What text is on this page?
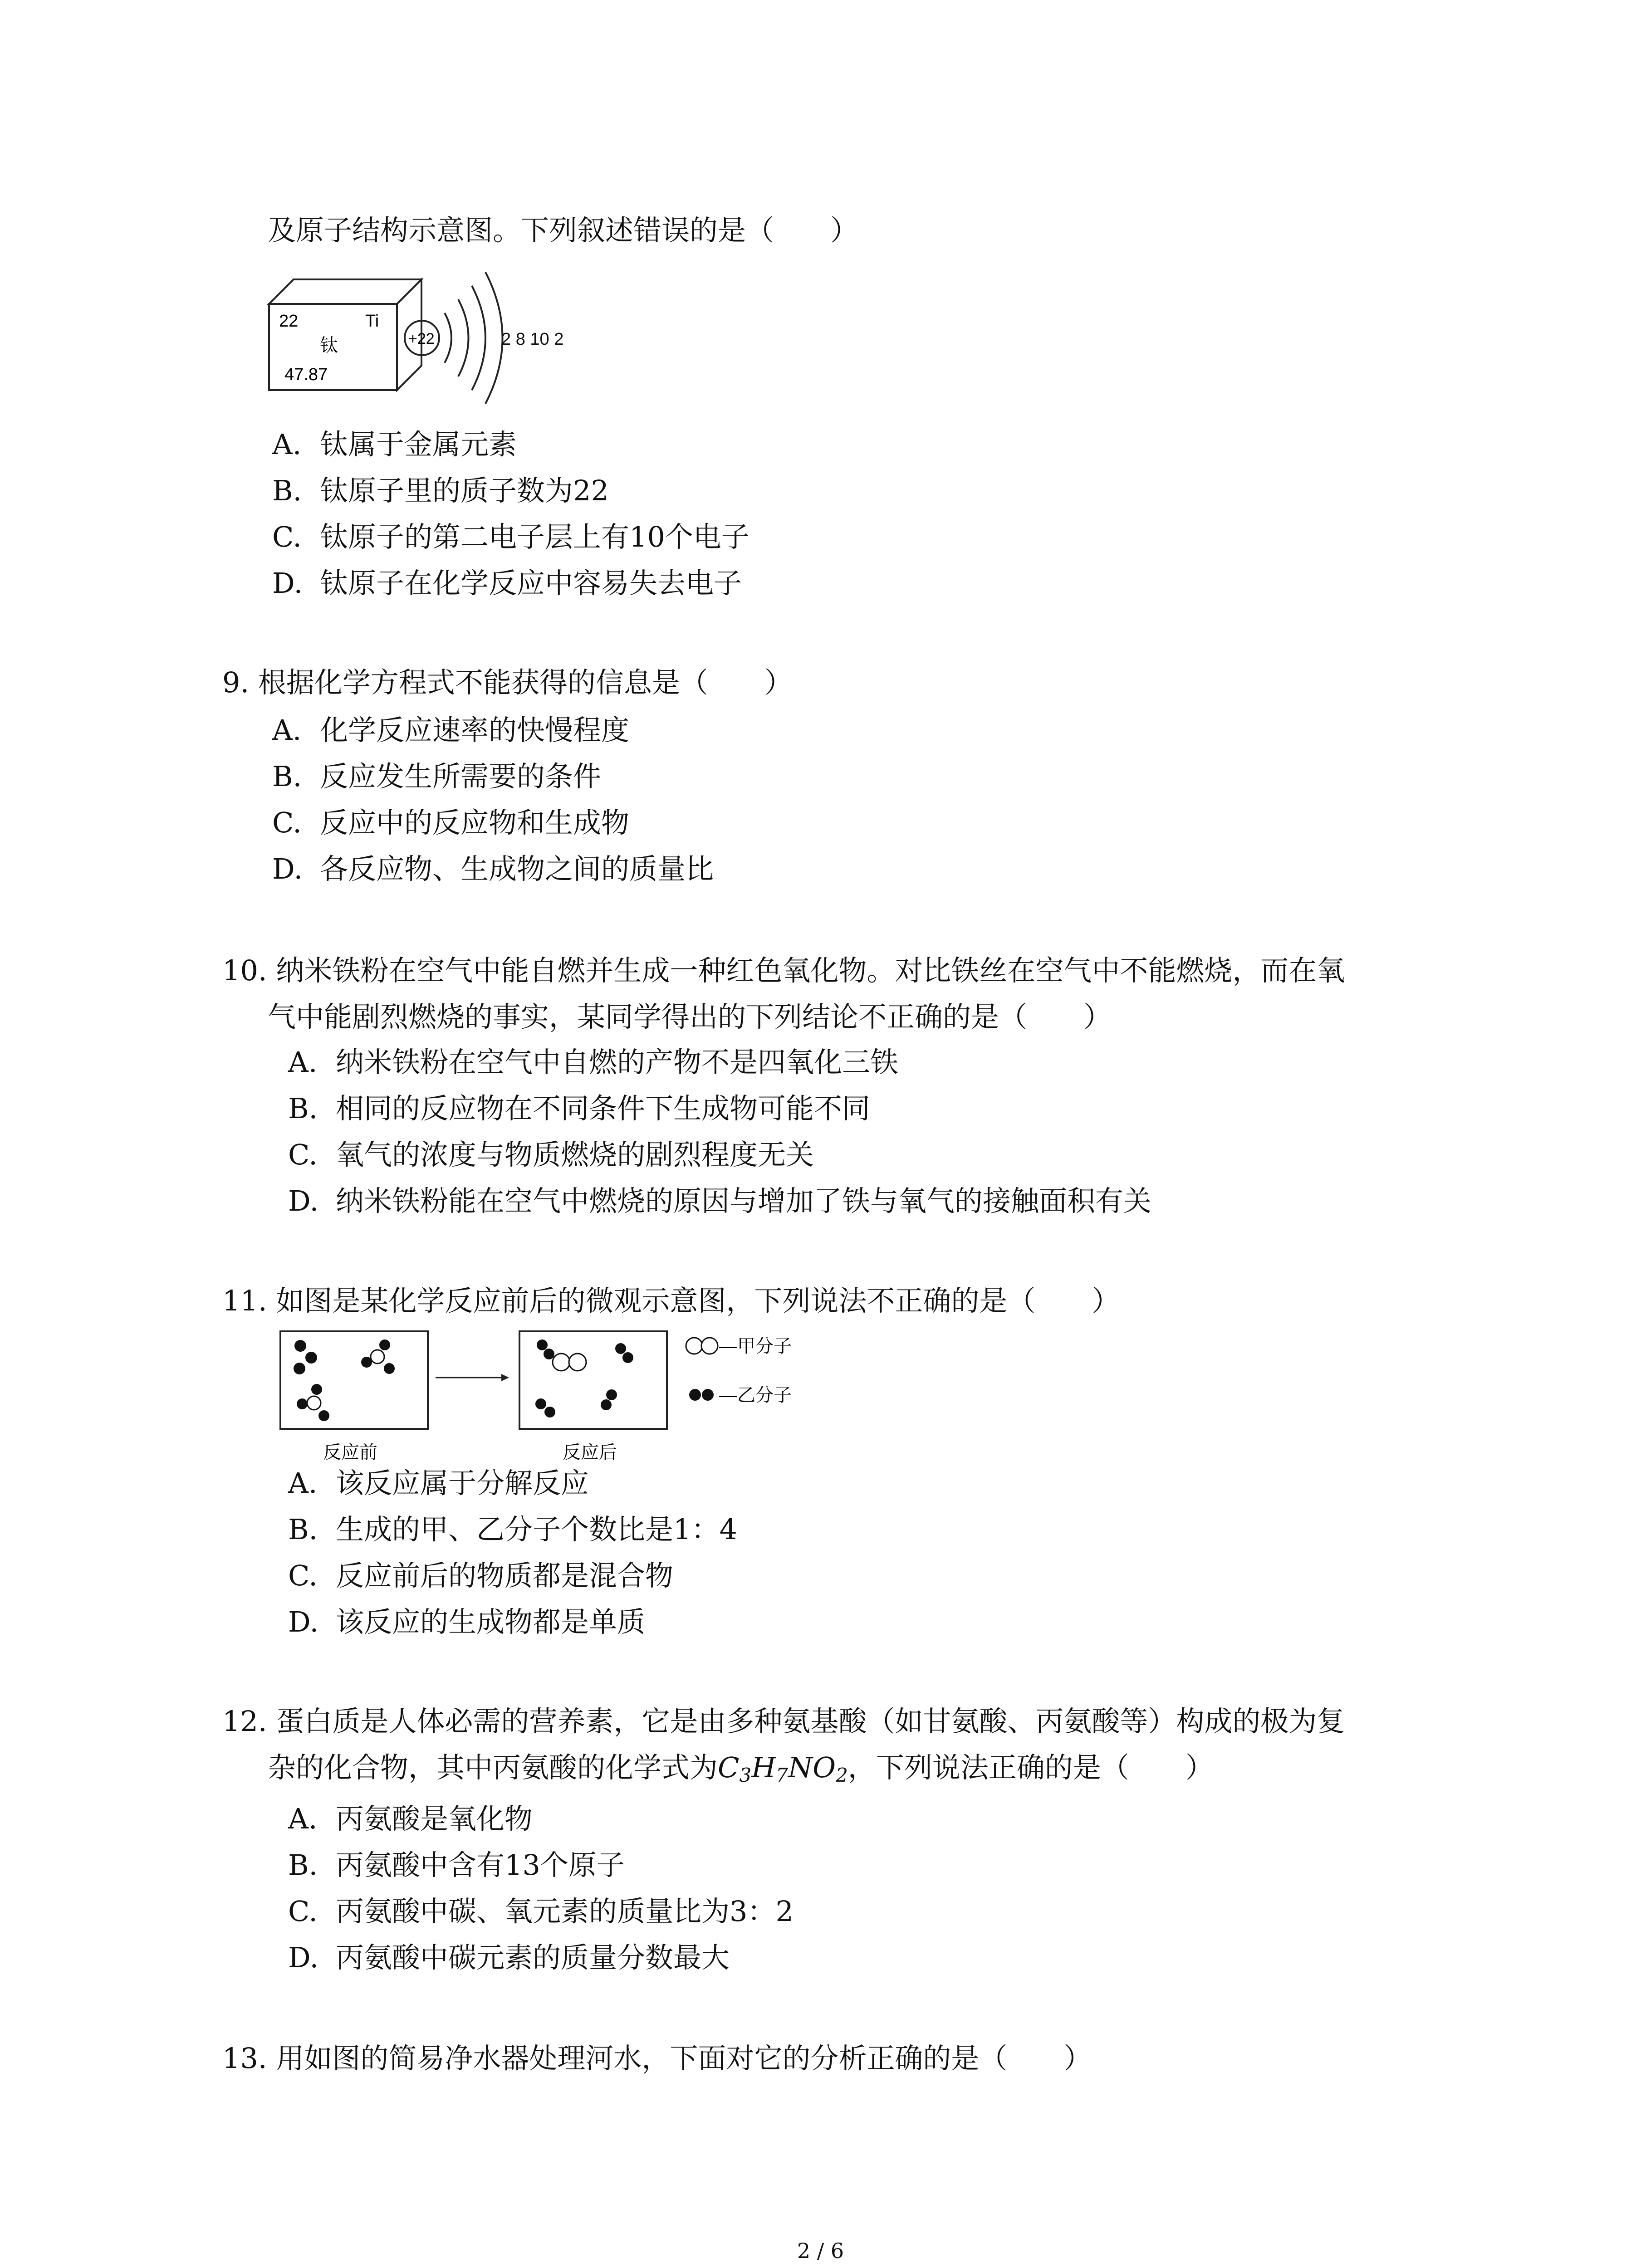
及原子结构示意图。下列叙述错误的是（　　）
22	Ti
钛
47.87
+22	2 8 10 2
A. 钛属于金属元素
B. 钛原子里的质子数为22
C. 钛原子的第二电子层上有10个电子
D. 钛原子在化学反应中容易失去电子
9. 根据化学方程式不能获得的信息是（　　）
A. 化学反应速率的快慢程度
B. 反应发生所需要的条件
C. 反应中的反应物和生成物
D. 各反应物、生成物之间的质量比
10. 纳米铁粉在空气中能自燃并生成一种红色氧化物。对比铁丝在空气中不能燃烧，而在氧
气中能剧烈燃烧的事实，某同学得出的下列结论不正确的是（　　）
A. 纳米铁粉在空气中自燃的产物不是四氧化三铁
B. 相同的反应物在不同条件下生成物可能不同
C. 氧气的浓度与物质燃烧的剧烈程度无关
D. 纳米铁粉能在空气中燃烧的原因与增加了铁与氧气的接触面积有关
11. 如图是某化学反应前后的微观示意图，下列说法不正确的是（　　）
反应前	反应后
—甲分子
—乙分子
A. 该反应属于分解反应
B. 生成的甲、乙分子个数比是1：4
C. 反应前后的物质都是混合物
D. 该反应的生成物都是单质
12. 蛋白质是人体必需的营养素，它是由多种氨基酸（如甘氨酸、丙氨酸等）构成的极为复
杂的化合物，其中丙氨酸的化学式为$C_3H_7NO_2$，下列说法正确的是（　　）
A. 丙氨酸是氧化物
B. 丙氨酸中含有13个原子
C. 丙氨酸中碳、氧元素的质量比为3：2
D. 丙氨酸中碳元素的质量分数最大
13. 用如图的简易净水器处理河水，下面对它的分析正确的是（　　）
2 / 6
